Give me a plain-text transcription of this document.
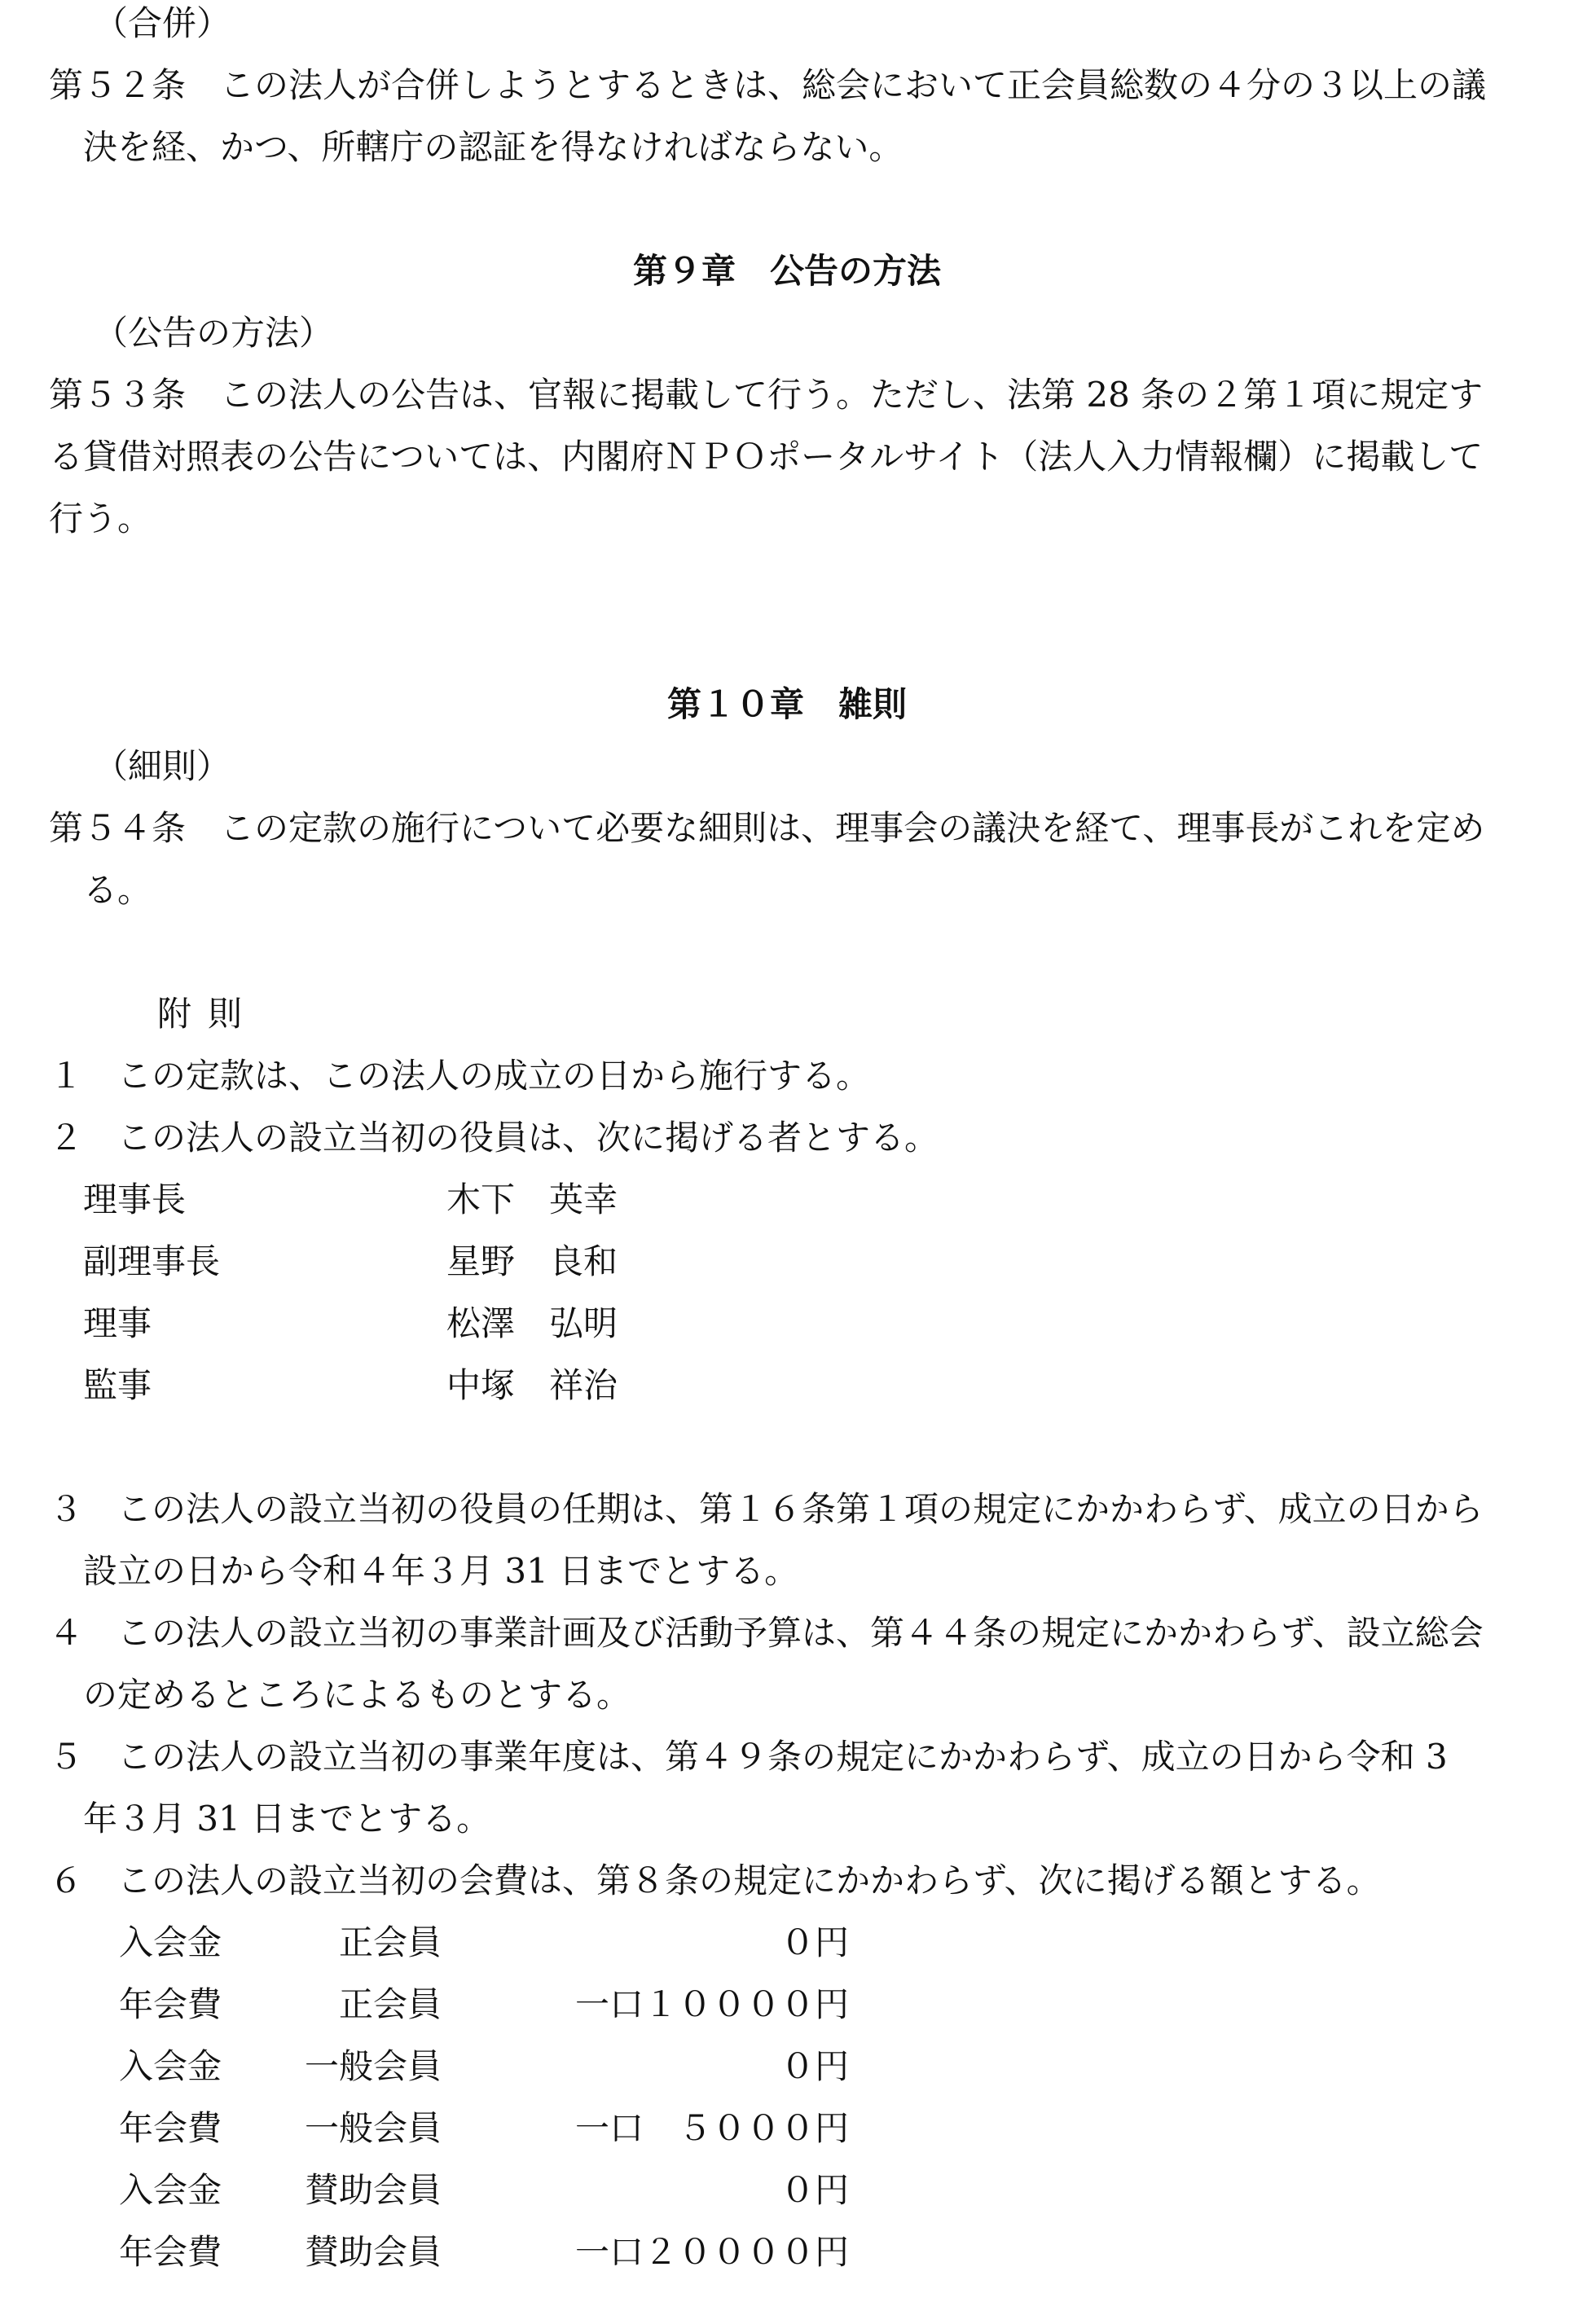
（合併）
第５２条　この法人が合併しようとするときは、総会において正会員総数の４分の３以上の議
決を経、かつ、所轄庁の認証を得なければならない。
第９章　公告の方法
（公告の方法）
第５３条　この法人の公告は、官報に掲載して行う。ただし、法第 28 条の２第１項に規定す
る貸借対照表の公告については、内閣府ＮＰＯポータルサイト（法人入力情報欄）に掲載して
行う。
第１０章　雑則
（細則）
第５４条　この定款の施行について必要な細則は、理事会の議決を経て、理事長がこれを定め
る。
附則
１　この定款は、この法人の成立の日から施行する。
２　この法人の設立当初の役員は、次に掲げる者とする。
理事長	木下　英幸
副理事長	星野　良和
理事	松澤　弘明
監事	中塚　祥治
３　この法人の設立当初の役員の任期は、第１６条第１項の規定にかかわらず、成立の日から
設立の日から令和４年３月 31 日までとする。
４　この法人の設立当初の事業計画及び活動予算は、第４４条の規定にかかわらず、設立総会
の定めるところによるものとする。
５　この法人の設立当初の事業年度は、第４９条の規定にかかわらず、成立の日から令和 3
年３月 31 日までとする。
６　この法人の設立当初の会費は、第８条の規定にかかわらず、次に掲げる額とする。
入会金	正会員	０円
年会費	正会員	一口１００００円
入会金 一般会員	０円
年会費 一般会員	一口　５０００円
入会金 賛助会員	０円
年会費 賛助会員	一口２００００円
